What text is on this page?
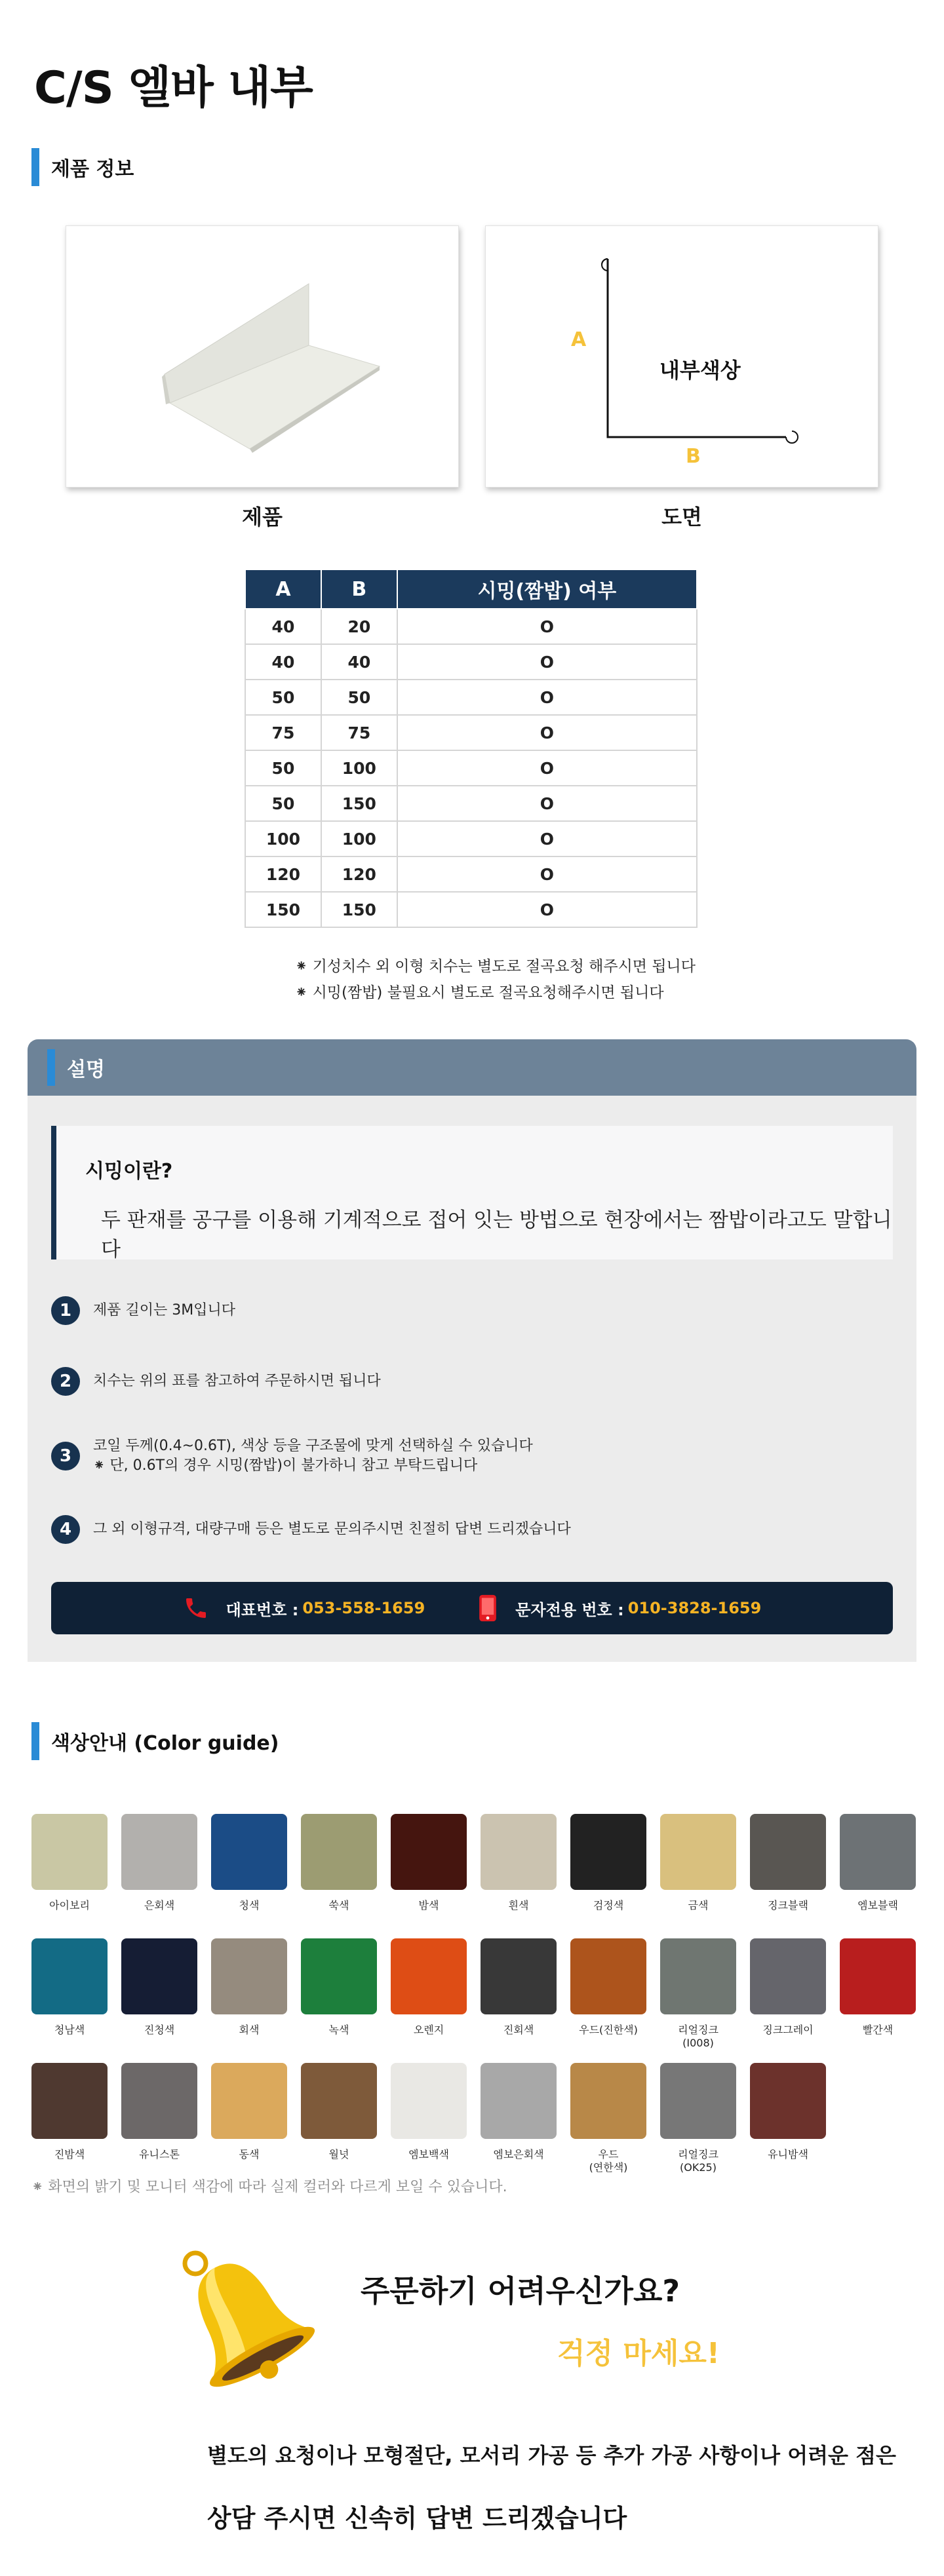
C/S 엘바 내부
제품 정보
제품
A
B
내부색상
도면
A	B	시밍(짬밥) 여부
40	20	O
40	40	O
50	50	O
75	75	O
50	100	O
50	150	O
100	100	O
120	120	O
150	150	O
⁕ 기성치수 외 이형 치수는 별도로 절곡요청 해주시면 됩니다
⁕ 시밍(짬밥) 불필요시 별도로 절곡요청해주시면 됩니다
설명
시밍이란?
두 판재를 공구를 이용해 기계적으로 접어 잇는 방법으로 현장에서는 짬밥이라고도 말합니다
1	제품 길이는 3M입니다
2	치수는 위의 표를 참고하여 주문하시면 됩니다
3
코일 두께(0.4~0.6T), 색상 등을 구조물에 맞게 선택하실 수 있습니다
⁕ 단, 0.6T의 경우 시밍(짬밥)이 불가하니 참고 부탁드립니다
4	그 외 이형규격, 대량구매 등은 별도로 문의주시면 친절히 답변 드리겠습니다
대표번호 : 053-558-1659	문자전용 번호 : 010-3828-1659
색상안내 (Color guide)
아이보리	은회색	청색	쑥색	밤색	흰색	검정색	금색	징크블랙	엠보블랙
청남색	진청색	회색	녹색	오렌지	진회색	우드(진한색)	리얼징크
(I008)
징크그레이	빨간색
진밤색	유니스톤	동색	월넛	엠보백색	엠보은회색	우드
(연한색)
리얼징크
(OK25)
유니밤색
⁕ 화면의 밝기 및 모니터 색감에 따라 실제 컬러와 다르게 보일 수 있습니다.
주문하기 어려우신가요?
걱정 마세요!
별도의 요청이나 모형절단, 모서리 가공 등 추가 가공 사항이나 어려운 점은
상담 주시면 신속히 답변 드리겠습니다
